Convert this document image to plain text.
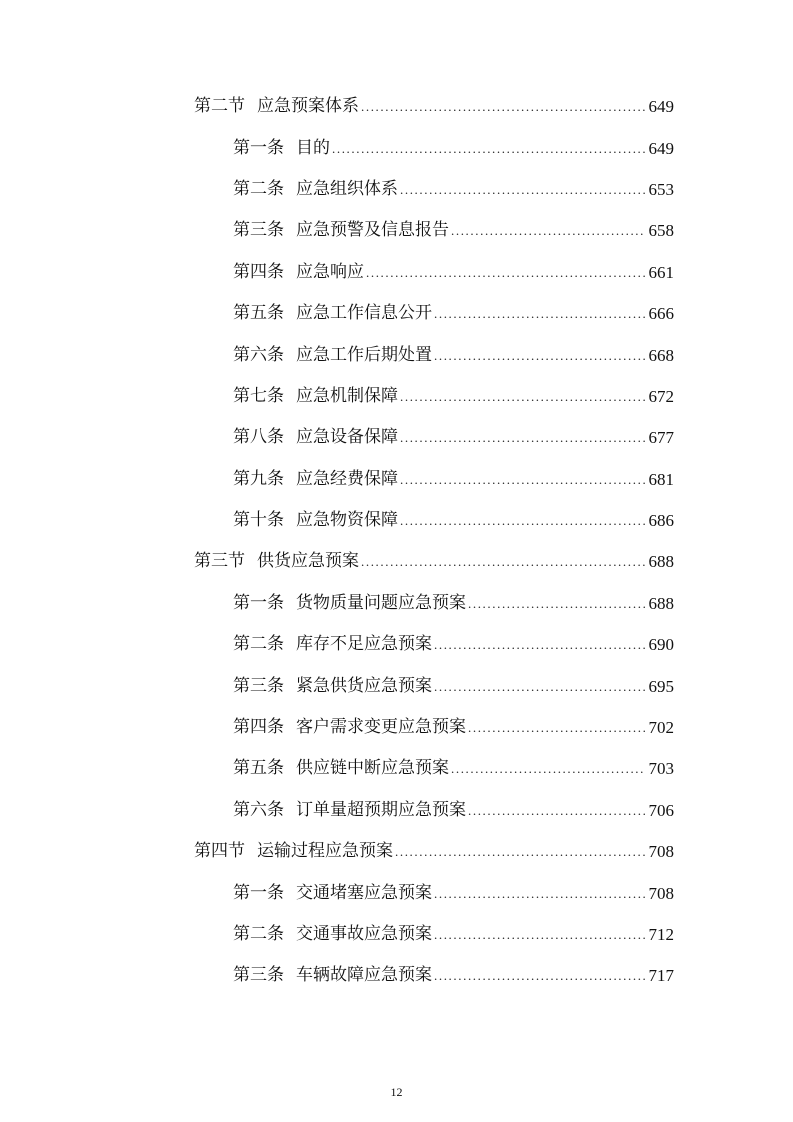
第二节 应急预案体系 .....	649
第一条 目的 .....	649
第二条 应急组织体系 .....	653
第三条 应急预警及信息报告 .....	658
第四条 应急响应 .....	661
第五条 应急工作信息公开 .....	666
第六条 应急工作后期处置 .....	668
第七条 应急机制保障 .....	672
第八条 应急设备保障 .....	677
第九条 应急经费保障 .....	681
第十条 应急物资保障 .....	686
第三节 供货应急预案 .....	688
第一条 货物质量问题应急预案 .....	688
第二条 库存不足应急预案 .....	690
第三条 紧急供货应急预案 .....	695
第四条 客户需求变更应急预案 .....	702
第五条 供应链中断应急预案 .....	703
第六条 订单量超预期应急预案 .....	706
第四节 运输过程应急预案 .....	708
第一条 交通堵塞应急预案 .....	708
第二条 交通事故应急预案 .....	712
第三条 车辆故障应急预案 .....	717
12
